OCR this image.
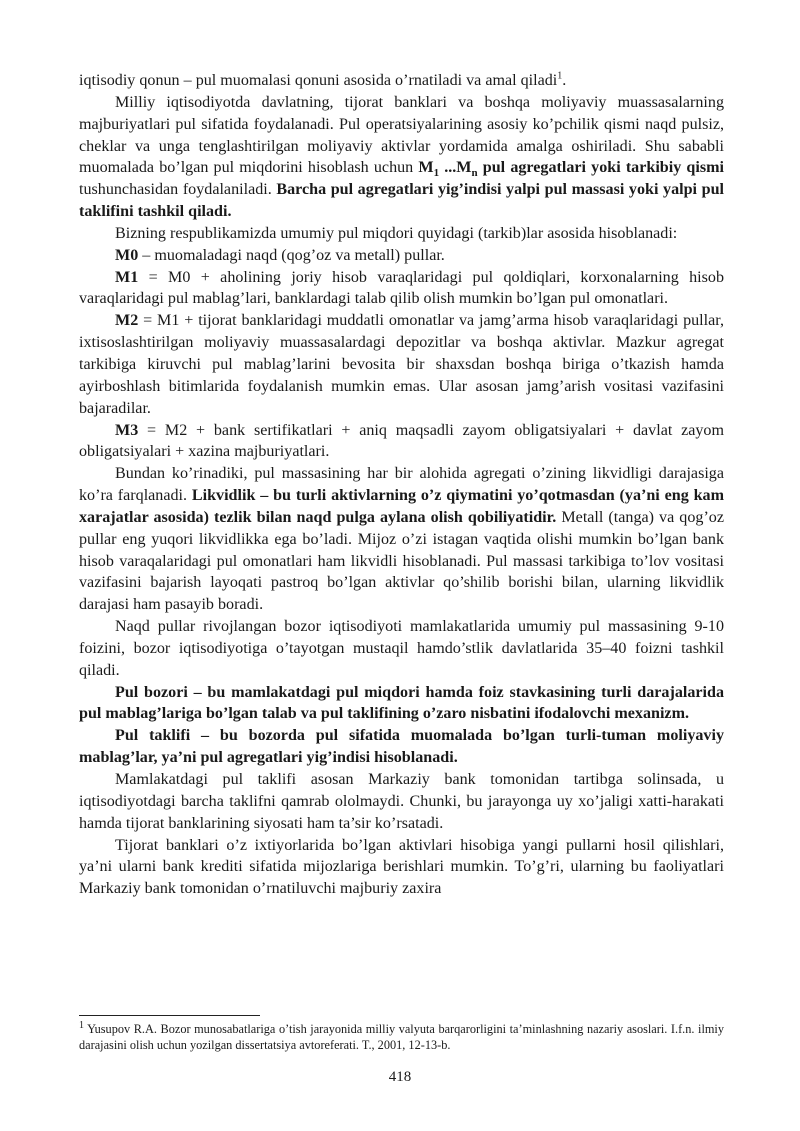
iqtisodiy qonun – pul muomalasi qonuni asosida o’rnatiladi va amal qiladi$^1$.

Milliy iqtisodiyotda davlatning, tijorat banklari va boshqa moliyaviy muassasalarning majburiyatlari pul sifatida foydalanadi. Pul operatsiyalarining asosiy ko’pchilik qismi naqd pulsiz, cheklar va unga tenglashtirilgan moliyaviy aktivlar yordamida amalga oshiriladi. Shu sababli muomalada bo’lgan pul miqdorini hisoblash uchun $M_1$ $...M_n$ pul agregatlari yoki tarkibiy qismi tushunchasidan foydalaniladi. Barcha pul agregatlari yig’indisi yalpi pul massasi yoki yalpi pul taklifini tashkil qiladi.

Bizning respublikamizda umumiy pul miqdori quyidagi (tarkib)lar asosida hisoblanadi:

M0 – muomaladagi naqd (qog’oz va metall) pullar.

M1 = M0 + aholining joriy hisob varaqlaridagi pul qoldiqlari, korxonalarning hisob varaqlaridagi pul mablag’lari, banklardagi talab qilib olish mumkin bo’lgan pul omonatlari.

M2 = M1 + tijorat banklaridagi muddatli omonatlar va jamg’arma hisob varaqlaridagi pullar, ixtisoslashtirilgan moliyaviy muassasalardagi depozitlar va boshqa aktivlar. Mazkur agregat tarkibiga kiruvchi pul mablag’larini bevosita bir shaxsdan boshqa biriga o’tkazish hamda ayirboshlash bitimlarida foydalanish mumkin emas. Ular asosan jamg’arish vositasi vazifasini bajaradilar.

M3 = M2 + bank sertifikatlari + aniq maqsadli zayom obligatsiyalari + davlat zayom obligatsiyalari + xazina majburiyatlari.

Bundan ko’rinadiki, pul massasining har bir alohida agregati o’zining likvidligi darajasiga ko’ra farqlanadi. Likvidlik – bu turli aktivlarning o’z qiymatini yo’qotmasdan (ya’ni eng kam xarajatlar asosida) tezlik bilan naqd pulga aylana olish qobiliyatidir. Metall (tanga) va qog’oz pullar eng yuqori likvidlikka ega bo’ladi. Mijoz o’zi istagan vaqtida olishi mumkin bo’lgan bank hisob varaqalaridagi pul omonatlari ham likvidli hisoblanadi. Pul massasi tarkibiga to’lov vositasi vazifasini bajarish layoqati pastroq bo’lgan aktivlar qo’shilib borishi bilan, ularning likvidlik darajasi ham pasayib boradi.

Naqd pullar rivojlangan bozor iqtisodiyoti mamlakatlarida umumiy pul massasining 9-10 foizini, bozor iqtisodiyotiga o’tayotgan mustaqil hamdo’stlik davlatlarida 35–40 foizni tashkil qiladi.

Pul bozori – bu mamlakatdagi pul miqdori hamda foiz stavkasining turli darajalarida pul mablag’lariga bo’lgan talab va pul taklifining o’zaro nisbatini ifodalovchi mexanizm.

Pul taklifi – bu bozorda pul sifatida muomalada bo’lgan turli-tuman moliyaviy mablag’lar, ya’ni pul agregatlari yig’indisi hisoblanadi.

Mamlakatdagi pul taklifi asosan Markaziy bank tomonidan tartibga solinsada, u iqtisodiyotdagi barcha taklifni qamrab ololmaydi. Chunki, bu jarayonga uy xo’jaligi xatti-harakati hamda tijorat banklarining siyosati ham ta’sir ko’rsatadi.

Tijorat banklari o’z ixtiyorlarida bo’lgan aktivlari hisobiga yangi pullarni hosil qilishlari, ya’ni ularni bank krediti sifatida mijozlariga berishlari mumkin. To’g’ri, ularning bu faoliyatlari Markaziy bank tomonidan o’rnatiluvchi majburiy zaxira

$^1$ Yusupov R.A. Bozor munosabatlariga o’tish jarayonida milliy valyuta barqarorligini ta’minlashning nazariy asoslari. I.f.n. ilmiy darajasini olish uchun yozilgan dissertatsiya avtoreferati. T., 2001, 12-13-b.
418
